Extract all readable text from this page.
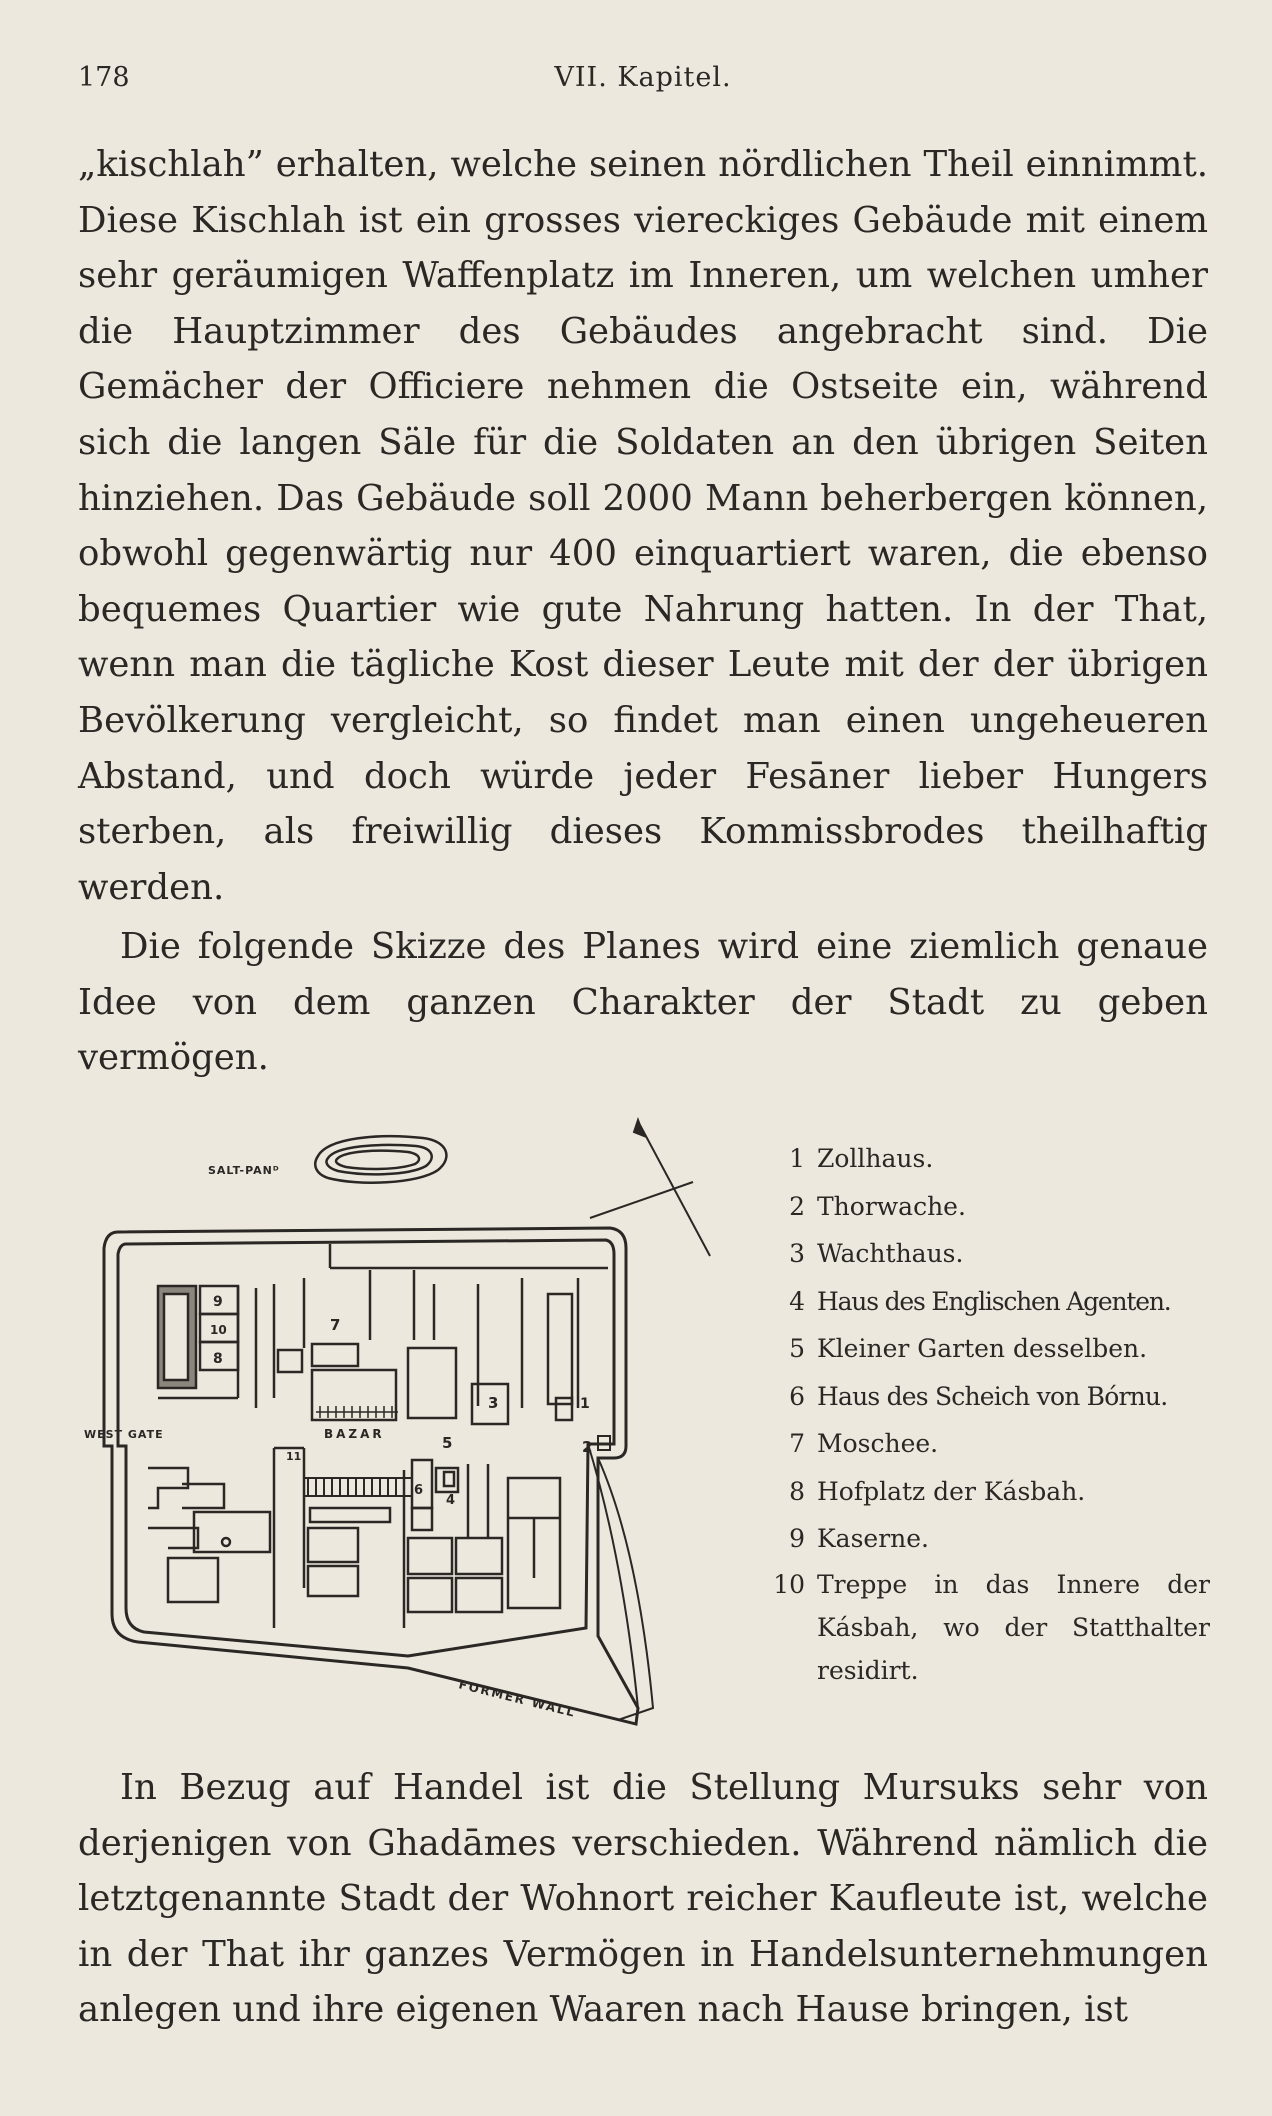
178	VII. Kapitel.

„kischlah” erhalten, welche seinen nördlichen Theil einnimmt. Diese Kischlah ist ein grosses viereckiges Gebäude mit einem sehr geräumigen Waffenplatz im Inneren, um welchen umher die Hauptzimmer des Gebäudes angebracht sind. Die Gemächer der Officiere nehmen die Ostseite ein, während sich die langen Säle für die Soldaten an den übrigen Seiten hinziehen. Das Gebäude soll 2000 Mann beherbergen können, obwohl gegenwärtig nur 400 einquartiert waren, die ebenso bequemes Quartier wie gute Nahrung hatten. In der That, wenn man die tägliche Kost dieser Leute mit der der übrigen Bevölkerung vergleicht, so findet man einen ungeheueren Abstand, und doch würde jeder Fesāner lieber Hungers sterben, als freiwillig dieses Kommissbrodes theilhaftig werden.

Die folgende Skizze des Planes wird eine ziemlich genaue Idee von dem ganzen Charakter der Stadt zu geben vermögen.

SALT-PANᴰ
WEST GATE
FORMER WALL
9
10
8
7
3	1
2
BAZAR
11
5
6
4
1 Zollhaus.
2 Thorwache.
3 Wachthaus.
4 Haus des Englischen Agenten.
5 Kleiner Garten desselben.
6 Haus des Scheich von Bórnu.
7 Moschee.
8 Hofplatz der Kásbah.
9 Kaserne.
10 Treppe in das Innere der Kásbah, wo der Statthalter residirt.

In Bezug auf Handel ist die Stellung Mursuks sehr von derjenigen von Ghadāmes verschieden. Während nämlich die letztgenannte Stadt der Wohnort reicher Kaufleute ist, welche in der That ihr ganzes Vermögen in Handelsunternehmungen anlegen und ihre eigenen Waaren nach Hause bringen, ist
